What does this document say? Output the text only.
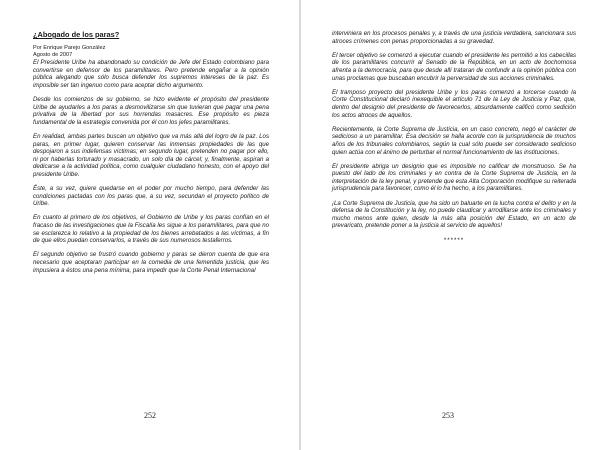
¿Abogado de los paras?

Por Enrique Parejo González

Agosto de 2007

El Presidente Uribe ha abandonado su condición de Jefe del Estado colombiano para convertirse en defensor de los paramilitares. Pero pretende engañar a la opinión pública alegando que sólo busca defender los supremos intereses de la paz. Es imposible ser tan ingenuo como para aceptar dicho argumento.

Desde los comienzos de su gobierno, se hizo evidente el propósito del presidente Uribe de ayudarles a los paras a desmovilizarse sin que tuvieran que pagar una pena privativa de la libertad por sus horrendas masacres. Ese propósito es pieza fundamental de la estrategia convenida por él con los jefes paramilitares.

En realidad, ambas partes buscan un objetivo que va más allá del logro de la paz. Los paras, en primer lugar, quieren conservar las inmensas propiedades de las que despojaron a sus indefensas víctimas; en segundo lugar, pretenden no pagar por ello, ni por haberlas torturado y masacrado, un solo día de cárcel; y, finalmente, aspiran a dedicarse a la actividad política, como cualquier ciudadano honesto, con el apoyo del presidente Uribe.

Éste, a su vez, quiere quedarse en el poder por mucho tiempo, para defender las condiciones pactadas con los paras que, a su vez, secundan el proyecto político de Uribe.

En cuanto al primero de los objetivos, el Gobierno de Uribe y los paras confían en el fracaso de las investigaciones que la Fiscalía les sigue a los paramilitares, para que no se esclarezca lo relativo a la propiedad de los bienes arrebatados a las víctimas, a fin de que ellos puedan conservarlos, a través de sus numerosos testaferros.

El segundo objetivo se frustró cuando gobierno y paras se dieron cuenta de que era necesario que aceptaran participar en la comedia de una fementida justicia, que les impusiera a éstos una pena mínima, para impedir que la Corte Penal Internacional

252

interviniera en los procesos penales y, a través de una justicia verdadera, sancionara sus atroces crímenes con penas proporcionadas a su gravedad.

El tercer objetivo se comenzó a ejecutar cuando el presidente les permitió a los cabecillas de los paramilitares concurrir al Senado de la República, en un acto de bochornosa afrenta a la democracia, para que desde allí trataran de confundir a la opinión pública con unas proclamas que buscaban encubrir la perversidad de sus acciones criminales.

El tramposo proyecto del presidente Uribe y los paras comenzó a torcerse cuando la Corte Constitucional declaró inexequible el artículo 71 de la Ley de Justicia y Paz, que, dentro del designio del presidente de favorecerlos, absurdamente calificó como sedición los actos atroces de aquellos.

Recientemente, la Corte Suprema de Justicia, en un caso concreto, negó el carácter de sedicioso a un paramilitar. Esa decisión se halla acorde con la jurisprudencia de muchos años de los tribunales colombianos, según la cual sólo puede ser considerado sedicioso quien actúa con el ánimo de perturbar el normal funcionamiento de las instituciones.

El presidente abriga un designio que es imposible no calificar de monstruoso. Se ha puesto del lado de los criminales y en contra de la Corte Suprema de Justicia, en la interpretación de la ley penal, y pretende que esta Alta Corporación modifique su reiterada jurisprudencia para favorecer, como él lo ha hecho, a los paramilitares.

¡La Corte Suprema de Justicia, que ha sido un baluarte en la lucha contra el delito y en la defensa de la Constitución y la ley, no puede claudicar y arrodillarse ante los criminales y mucho menos ante quien, desde la más alta posición del Estado, en un acto de prevaricato, pretende poner a la justicia al servicio de aquellos!

******

253
